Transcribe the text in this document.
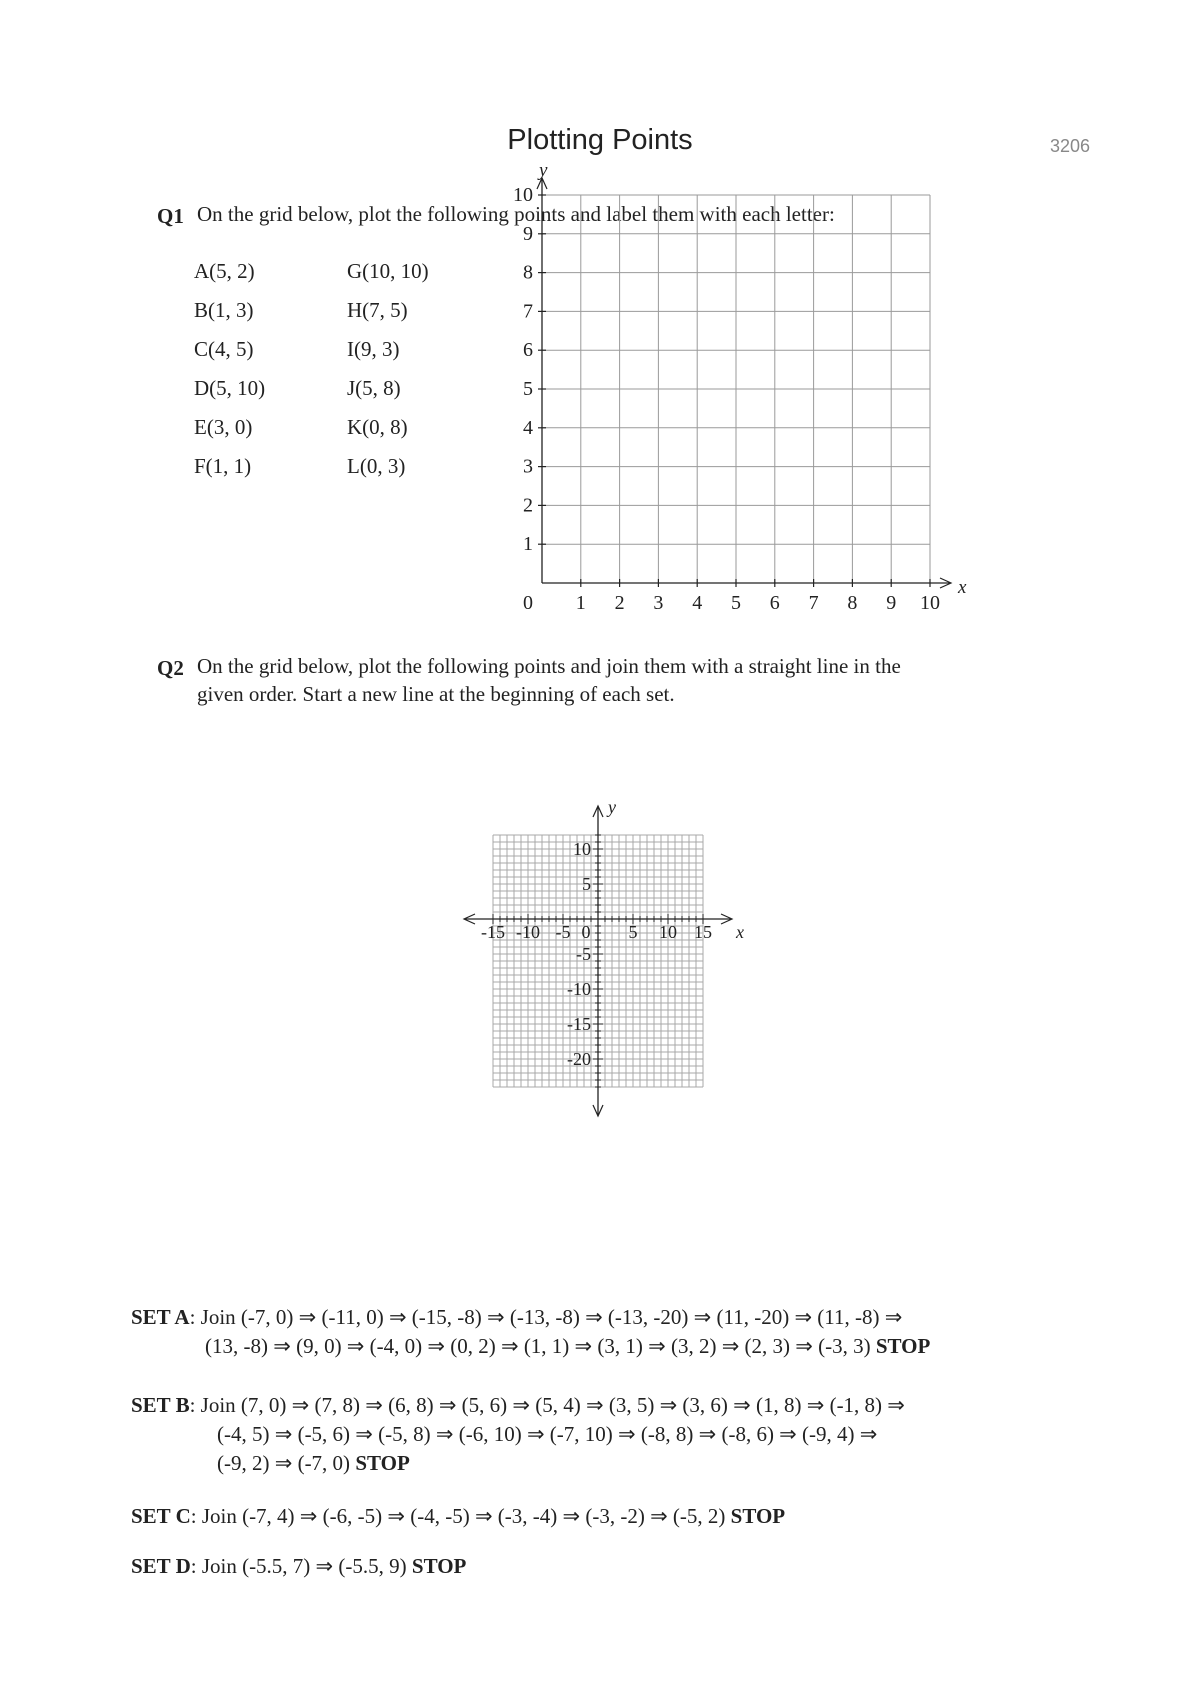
Plotting Points	3206
Q1 On the grid below, plot the following points and label them with each letter:
A(5, 2)
B(1, 3)
C(4, 5)
D(5, 10)
E(3, 0)
F(1, 1)
G(10, 10)
H(7, 5)
I(9, 3)
J(5, 8)
K(0, 8)
L(0, 3)
1 2 3 4 5 6 7 8 9 10
0
1
2
3
4
5
6
7
8
9
10
x
y
Q2 On the grid below, plot the following points and join them with a straight line in the
given order. Start a new line at the beginning of each set.
-15 -10 -5 0 5 10 15
10
5
-5
-10
-15
-20
x
y
SET A: Join (-7, 0) ⇒ (-11, 0) ⇒ (-15, -8) ⇒ (-13, -8) ⇒ (-13, -20) ⇒ (11, -20) ⇒ (11, -8) ⇒
(13, -8) ⇒ (9, 0) ⇒ (-4, 0) ⇒ (0, 2) ⇒ (1, 1) ⇒ (3, 1) ⇒ (3, 2) ⇒ (2, 3) ⇒ (-3, 3) STOP
SET B: Join (7, 0) ⇒ (7, 8) ⇒ (6, 8) ⇒ (5, 6) ⇒ (5, 4) ⇒ (3, 5) ⇒ (3, 6) ⇒ (1, 8) ⇒ (-1, 8) ⇒
(-4, 5) ⇒ (-5, 6) ⇒ (-5, 8) ⇒ (-6, 10) ⇒ (-7, 10) ⇒ (-8, 8) ⇒ (-8, 6) ⇒ (-9, 4) ⇒
(-9, 2) ⇒ (-7, 0) STOP
SET C: Join (-7, 4) ⇒ (-6, -5) ⇒ (-4, -5) ⇒ (-3, -4) ⇒ (-3, -2) ⇒ (-5, 2) STOP
SET D: Join (-5.5, 7) ⇒ (-5.5, 9) STOP
